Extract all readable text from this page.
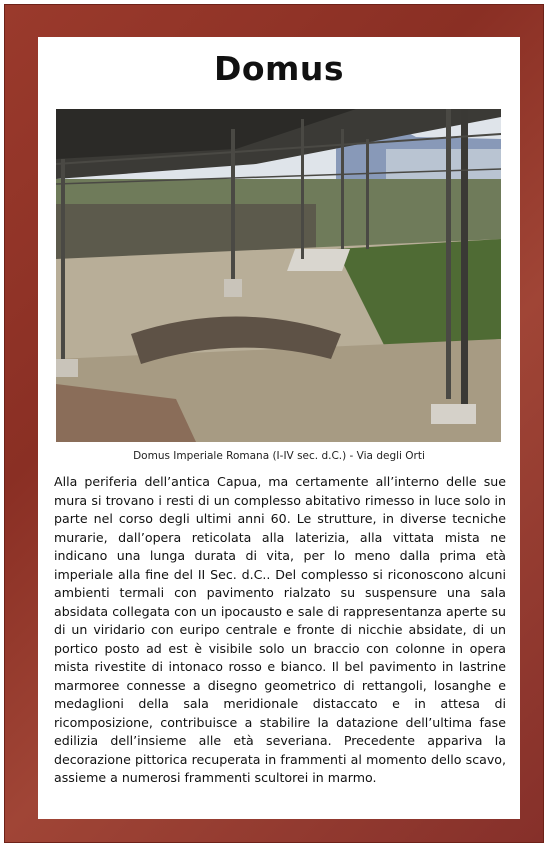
Domus
Domus Imperiale Romana (I-IV sec. d.C.) - Via degli Orti

Alla periferia dell’antica Capua, ma certamente all’interno delle sue mura si trovano i resti di un complesso abitativo rimesso in luce solo in parte nel corso degli ultimi anni 60. Le strutture, in diverse tecniche murarie, dall’opera reticolata alla laterizia, alla vittata mista ne indicano una lunga durata di vita, per lo meno dalla prima età imperiale alla fine del II Sec. d.C.. Del complesso si riconoscono alcuni ambienti termali con pavimento rialzato su suspensure una sala absidata collegata con un ipocausto e sale di rappresentanza aperte su di un viridario con euripo centrale e fronte di nicchie absidate, di un portico posto ad est è visibile solo un braccio con colonne in opera mista rivestite di intonaco rosso e bianco. Il bel pavimento in lastrine marmoree connesse a disegno geometrico di rettangoli, losanghe e medaglioni della sala meridionale distaccato e in attesa di ricomposizione, contribuisce a stabilire la datazione dell’ultima fase edilizia dell’insieme alle età severiana. Precedente appariva la decorazione pittorica recuperata in frammenti al momento dello scavo, assieme a numerosi frammenti scultorei in marmo.
